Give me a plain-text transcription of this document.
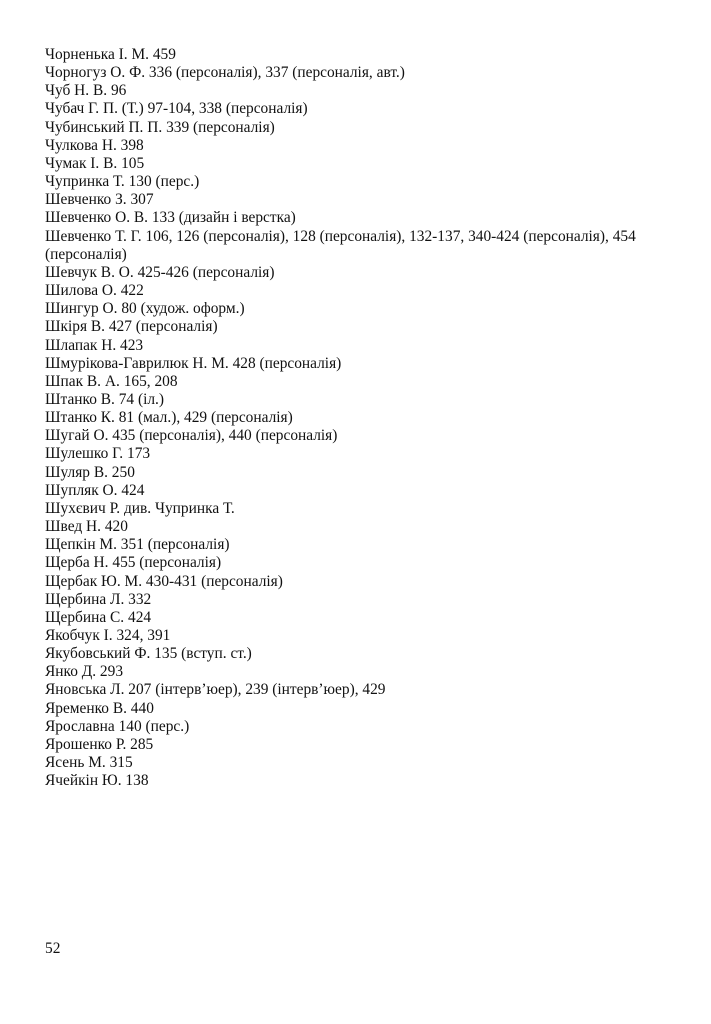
Чорненька І. М. 459
Чорногуз О. Ф. 336 (персоналія), 337 (персоналія, авт.)
Чуб Н. В. 96
Чубач Г. П. (Т.) 97-104, 338 (персоналія)
Чубинський П. П. 339 (персоналія)
Чулкова Н. 398
Чумак І. В. 105
Чупринка Т. 130 (перс.)
Шевченко З. 307
Шевченко О. В. 133 (дизайн і верстка)
Шевченко Т. Г. 106, 126 (персоналія), 128 (персоналія), 132-137, 340-424 (персоналія), 454 (персоналія)
Шевчук В. О. 425-426 (персоналія)
Шилова О. 422
Шингур О. 80 (худож. оформ.)
Шкіря В. 427 (персоналія)
Шлапак Н. 423
Шмурікова-Гаврилюк Н. М. 428 (персоналія)
Шпак В. А. 165, 208
Штанко В. 74 (іл.)
Штанко К. 81 (мал.), 429 (персоналія)
Шугай О. 435 (персоналія), 440 (персоналія)
Шулешко Г. 173
Шуляр В. 250
Шупляк О. 424
Шухєвич Р. див. Чупринка Т.
Швед Н. 420
Щепкін М. 351 (персоналія)
Щерба Н. 455 (персоналія)
Щербак Ю. М. 430-431 (персоналія)
Щербина Л. 332
Щербина С. 424
Якобчук І. 324, 391
Якубовський Ф. 135 (вступ. ст.)
Янко Д. 293
Яновська Л. 207 (інтерв’юер), 239 (інтерв’юер), 429
Яременко В. 440
Ярославна 140 (перс.)
Ярошенко Р. 285
Ясень М. 315
Ячейкін Ю. 138
52
